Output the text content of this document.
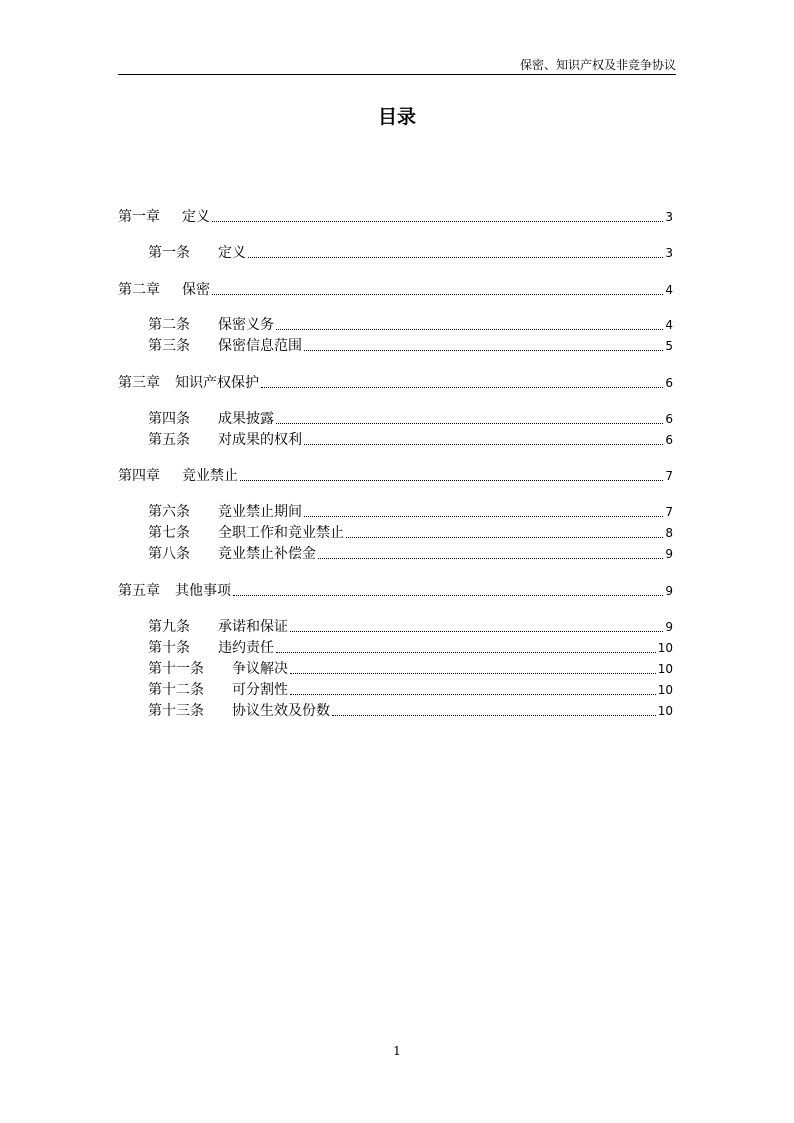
保密、知识产权及非竞争协议
目录
第一章 定义	3
第一条 定义	3
第二章 保密	4
第二条 保密义务	4
第三条 保密信息范围	5
第三章 知识产权保护	6
第四条 成果披露	6
第五条 对成果的权利	6
第四章 竞业禁止	7
第六条 竞业禁止期间	7
第七条 全职工作和竞业禁止	8
第八条 竞业禁止补偿金	9
第五章 其他事项	9
第九条 承诺和保证	9
第十条 违约责任	10
第十一条 争议解决	10
第十二条 可分割性	10
第十三条 协议生效及份数	10
1
